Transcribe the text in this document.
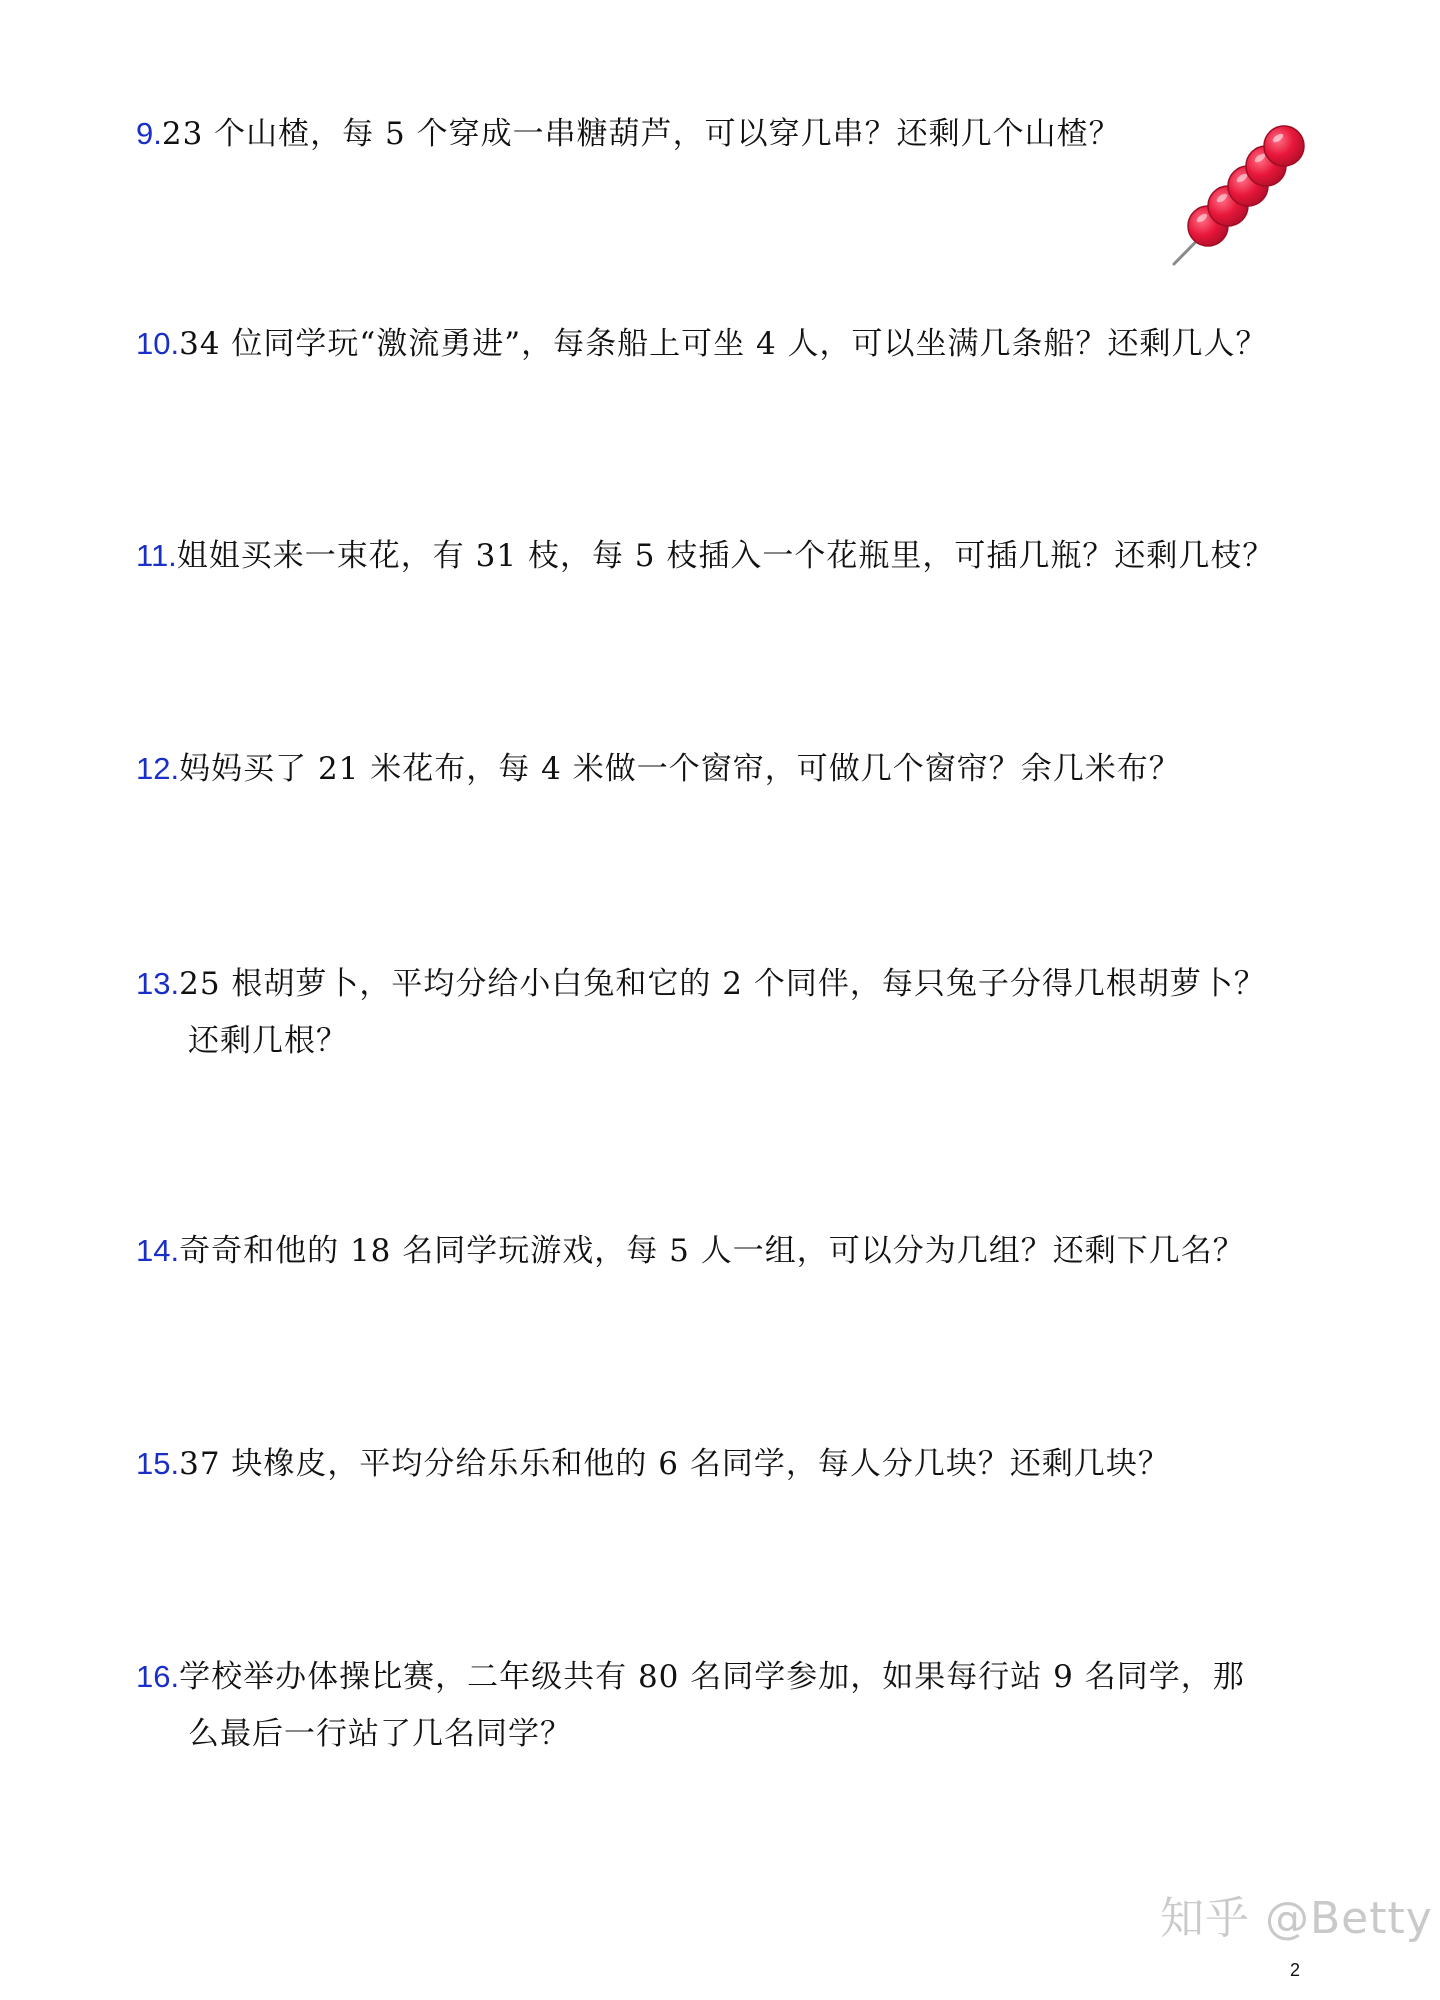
9.23 个山楂，每 5 个穿成一串糖葫芦，可以穿几串？还剩几个山楂？
10.34 位同学玩“激流勇进”，每条船上可坐 4 人，可以坐满几条船？还剩几人？
11.姐姐买来一束花，有 31 枝，每 5 枝插入一个花瓶里，可插几瓶？还剩几枝？
12.妈妈买了 21 米花布，每 4 米做一个窗帘，可做几个窗帘？余几米布？
13.25 根胡萝卜，平均分给小白兔和它的 2 个同伴，每只兔子分得几根胡萝卜？
还剩几根？
14.奇奇和他的 18 名同学玩游戏，每 5 人一组，可以分为几组？还剩下几名？
15.37 块橡皮，平均分给乐乐和他的 6 名同学，每人分几块？还剩几块？
16.学校举办体操比赛，二年级共有 80 名同学参加，如果每行站 9 名同学，那
么最后一行站了几名同学？
知乎 @Betty
2
